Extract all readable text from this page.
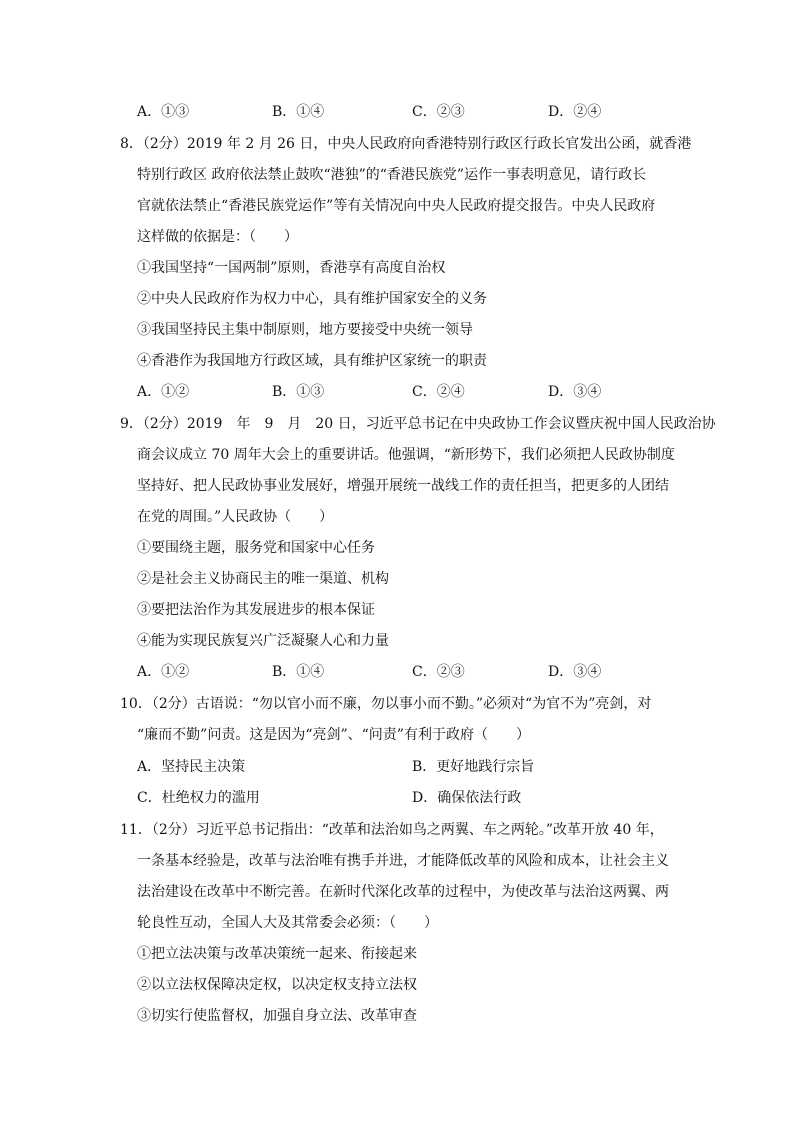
A．①③	B．①④	C．②③	D．②④
8．（2分）2019 年 2 月 26 日，中央人民政府向香港特别行政区行政长官发出公函，就香港
特别行政区 政府依法禁止鼓吹“港独”的“香港民族党”运作一事表明意见，请行政长
官就依法禁止“香港民族党运作”等有关情况向中央人民政府提交报告。中央人民政府
这样做的依据是：（　　）
①我国坚持“一国两制”原则，香港享有高度自治权
②中央人民政府作为权力中心，具有维护国家安全的义务
③我国坚持民主集中制原则，地方要接受中央统一领导
④香港作为我国地方行政区域，具有维护区家统一的职责
A．①②	B．①③	C．②④	D．③④
9．（2分）2019　年　9　月　20 日，习近平总书记在中央政协工作会议暨庆祝中国人民政治协
商会议成立 70 周年大会上的重要讲话。他强调，“新形势下，我们必须把人民政协制度
坚持好、把人民政协事业发展好，增强开展统一战线工作的责任担当，把更多的人团结
在党的周围。”人民政协（　　）
①要围绕主题，服务党和国家中心任务
②是社会主义协商民主的唯一渠道、机构
③要把法治作为其发展进步的根本保证
④能为实现民族复兴广泛凝聚人心和力量
A．①②	B．①④	C．②③	D．③④
10．（2分）古语说：“勿以官小而不廉，勿以事小而不勤。”必须对“为官不为”亮剑，对
“廉而不勤”问责。这是因为“亮剑”、“问责”有利于政府（　　）
A．坚持民主决策	B．更好地践行宗旨
C．杜绝权力的滥用	D．确保依法行政
11．（2分）习近平总书记指出：“改革和法治如鸟之两翼、车之两轮。”改革开放 40 年，
一条基本经验是，改革与法治唯有携手并进，才能降低改革的风险和成本，让社会主义
法治建设在改革中不断完善。在新时代深化改革的过程中，为使改革与法治这两翼、两
轮良性互动，全国人大及其常委会必须：（　　）
①把立法决策与改革决策统一起来、衔接起来
②以立法权保障决定权，以决定权支持立法权
③切实行使监督权，加强自身立法、改革审查
